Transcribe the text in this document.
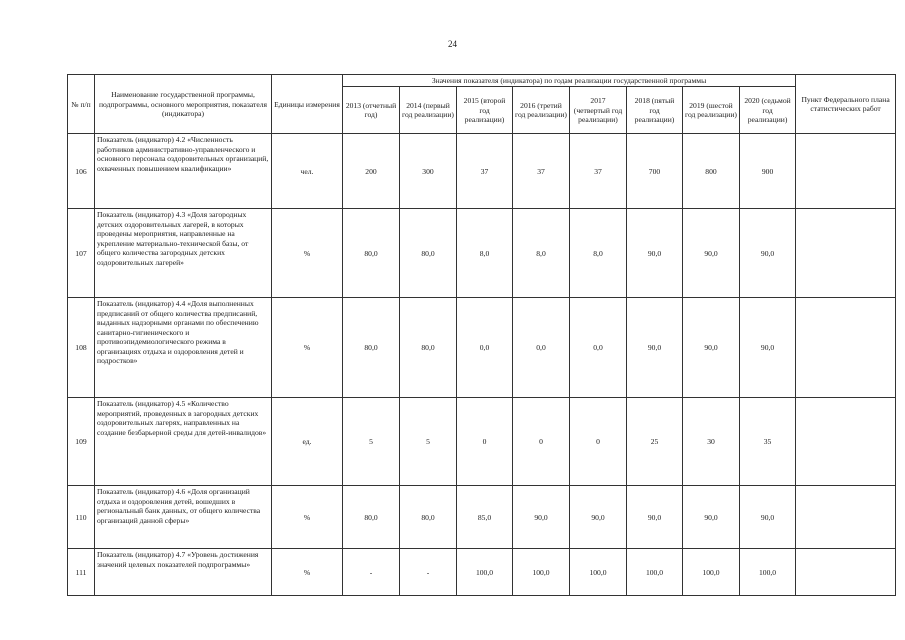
24
№ п/п	Наименование государственной программы, подпрограммы, основного мероприятия, показателя (индикатора)	Единицы измерения	Значения показателя (индикатора) по годам реализации государственной программы								Пункт Федерального плана статистических работ
			2013 (отчетный год)	2014 (первый год реализации)	2015 (второй год реализации)	2016 (третий год реализации)	2017 (четвертый год реализации)	2018 (пятый год реализации)	2019 (шестой год реализации)	2020 (седьмой год реализации)	
106	Показатель (индикатор) 4.2 «Численность работников административно-управленческого и основного персонала оздоровительных организаций, охваченных повышением квалификации»	чел.	200	300	37	37	37	700	800	900	
107	Показатель (индикатор) 4.3 «Доля загородных детских оздоровительных лагерей, в которых проведены мероприятия, направленные на укрепление материально-технической базы, от общего количества загородных детских оздоровительных лагерей»	%	80,0	80,0	8,0	8,0	8,0	90,0	90,0	90,0	
108	Показатель (индикатор) 4.4 «Доля выполненных предписаний от общего количества предписаний, выданных надзорными органами по обеспечению санитарно-гигиенического и противоэпидемиологического режима в организациях отдыха и оздоровления детей и подростков»	%	80,0	80,0	0,0	0,0	0,0	90,0	90,0	90,0	
109	Показатель (индикатор) 4.5 «Количество мероприятий, проведенных в загородных детских оздоровительных лагерях, направленных на создание безбарьерной среды для детей-инвалидов»	ед.	5	5	0	0	0	25	30	35	
110	Показатель (индикатор) 4.6 «Доля организаций отдыха и оздоровления детей, вошедших в региональный банк данных, от общего количества организаций данной сферы»	%	80,0	80,0	85,0	90,0	90,0	90,0	90,0	90,0	
111	Показатель (индикатор) 4.7 «Уровень достижения значений целевых показателей подпрограммы»	%	-	-	100,0	100,0	100,0	100,0	100,0	100,0	
